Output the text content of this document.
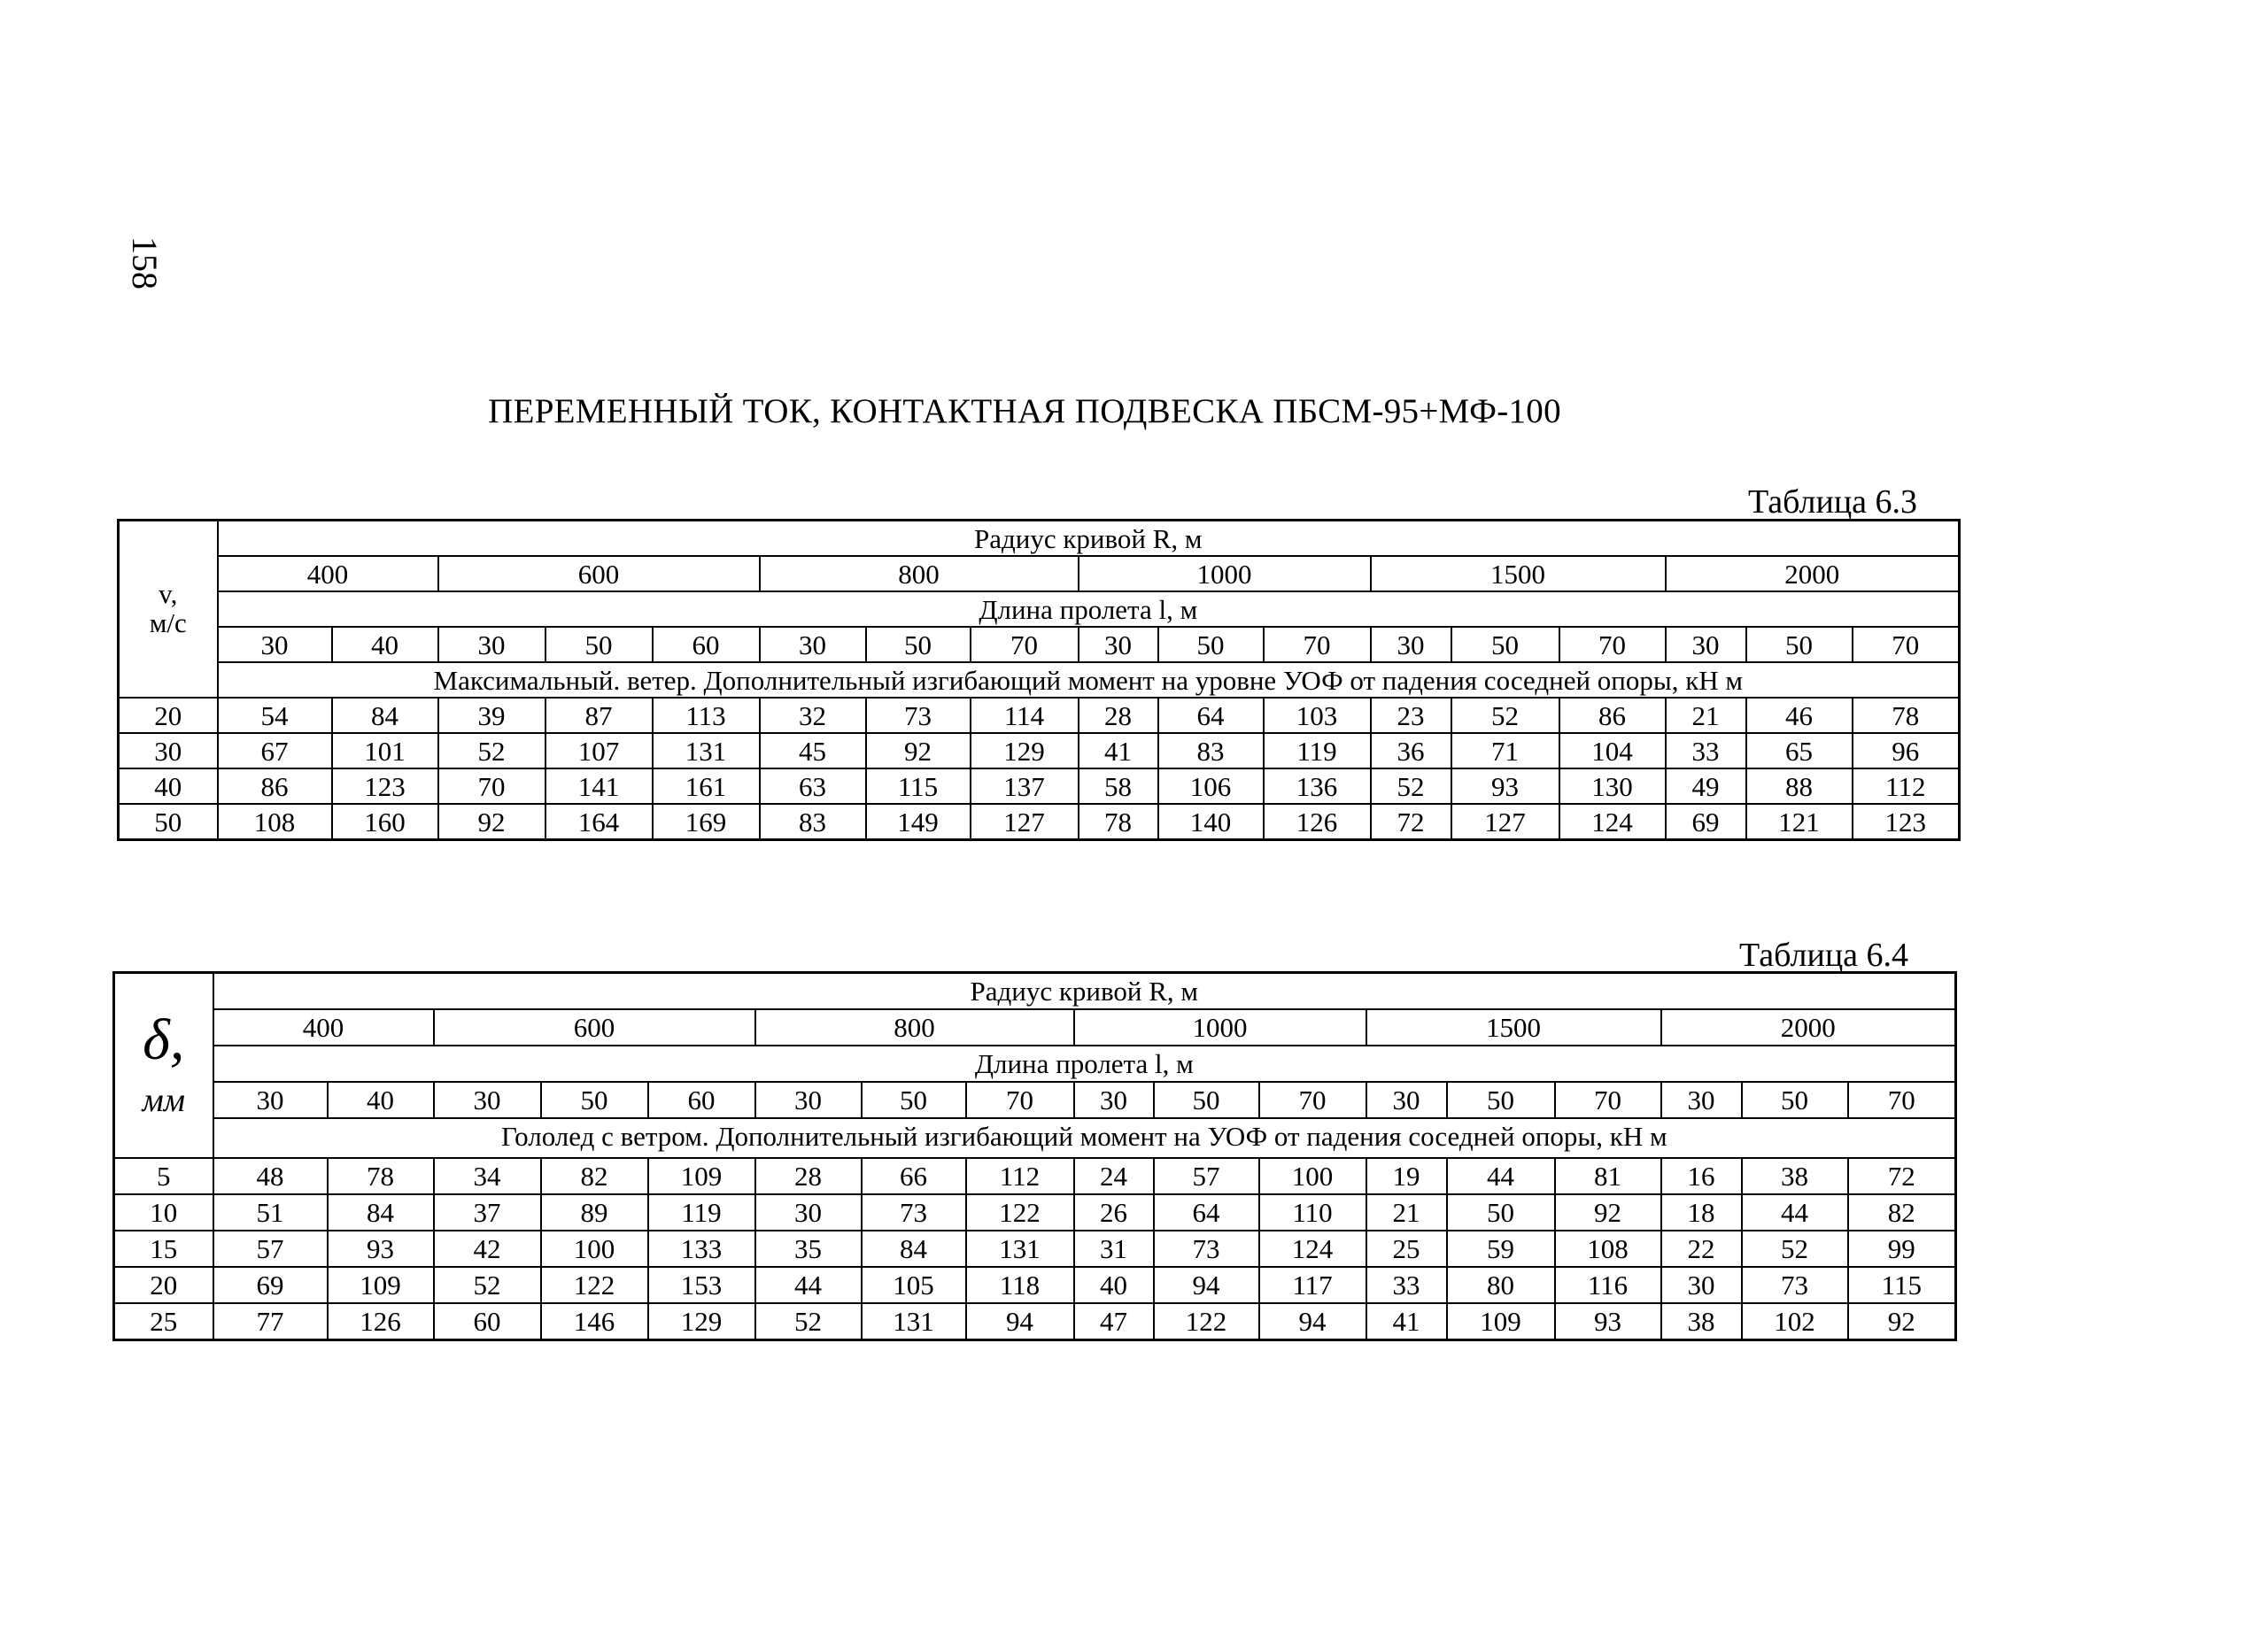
158
ПЕРЕМЕННЫЙ ТОК, КОНТАКТНАЯ ПОДВЕСКА ПБСМ-95+МФ-100
Таблица 6.3
v,
м/с	Радиус кривой R, м																
	400		600			800			1000			1500			2000		
	Длина пролета l, м																
	30	40	30	50	60	30	50	70	30	50	70	30	50	70	30	50	70
	Максимальный. ветер. Дополнительный изгибающий момент на уровне УОФ от падения соседней опоры, кН м																
20	54	84	39	87	113	32	73	114	28	64	103	23	52	86	21	46	78
30	67	101	52	107	131	45	92	129	41	83	119	36	71	104	33	65	96
40	86	123	70	141	161	63	115	137	58	106	136	52	93	130	49	88	112
50	108	160	92	164	169	83	149	127	78	140	126	72	127	124	69	121	123
Таблица 6.4
δ,
мм	Радиус кривой R, м																
	400		600			800			1000			1500			2000		
	Длина пролета l, м																
	30	40	30	50	60	30	50	70	30	50	70	30	50	70	30	50	70
	Гололед с ветром. Дополнительный изгибающий момент на УОФ от падения соседней опоры, кН м																
5	48	78	34	82	109	28	66	112	24	57	100	19	44	81	16	38	72
10	51	84	37	89	119	30	73	122	26	64	110	21	50	92	18	44	82
15	57	93	42	100	133	35	84	131	31	73	124	25	59	108	22	52	99
20	69	109	52	122	153	44	105	118	40	94	117	33	80	116	30	73	115
25	77	126	60	146	129	52	131	94	47	122	94	41	109	93	38	102	92
